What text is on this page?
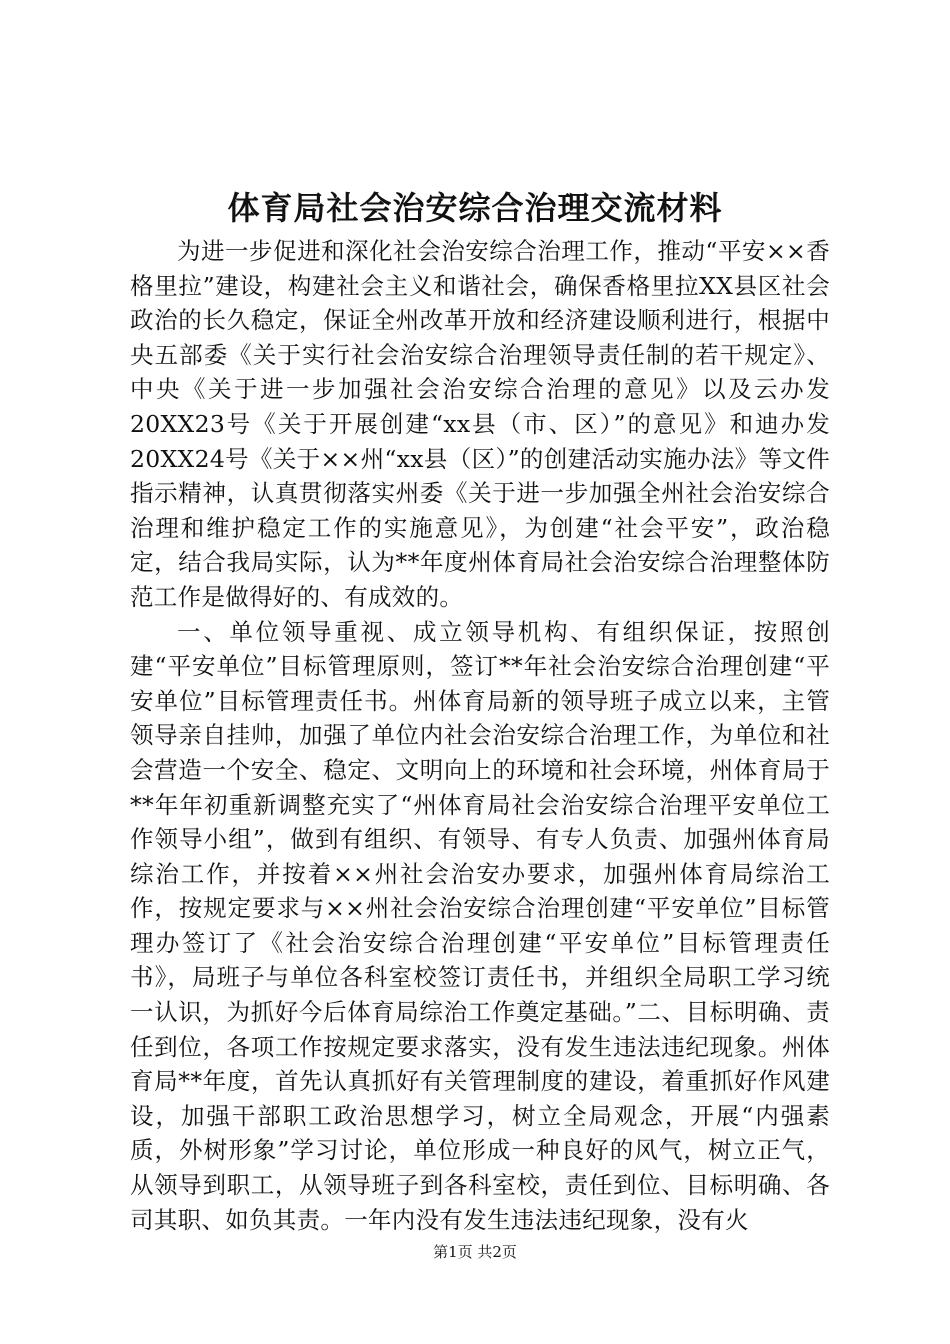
体育局社会治安综合治理交流材料

为进一步促进和深化社会治安综合治理工作，推动“平安××香格里拉”建设，构建社会主义和谐社会，确保香格里拉XX县区社会政治的长久稳定，保证全州改革开放和经济建设顺利进行，根据中央五部委《关于实行社会治安综合治理领导责任制的若干规定》、中央《关于进一步加强社会治安综合治理的意见》以及云办发20XX23号《关于开展创建“xx县（市、区）”的意见》和迪办发20XX24号《关于××州“xx县（区）”的创建活动实施办法》等文件指示精神，认真贯彻落实州委《关于进一步加强全州社会治安综合治理和维护稳定工作的实施意见》，为创建“社会平安”，政治稳定，结合我局实际，认为**年度州体育局社会治安综合治理整体防范工作是做得好的、有成效的。

一、单位领导重视、成立领导机构、有组织保证，按照创建“平安单位”目标管理原则，签订**年社会治安综合治理创建“平安单位”目标管理责任书。州体育局新的领导班子成立以来，主管领导亲自挂帅，加强了单位内社会治安综合治理工作，为单位和社会营造一个安全、稳定、文明向上的环境和社会环境，州体育局于**年年初重新调整充实了“州体育局社会治安综合治理平安单位工作领导小组”，做到有组织、有领导、有专人负责、加强州体育局综治工作，并按着××州社会治安办要求，加强州体育局综治工作，按规定要求与××州社会治安综合治理创建“平安单位”目标管理办签订了《社会治安综合治理创建“平安单位”目标管理责任书》，局班子与单位各科室校签订责任书，并组织全局职工学习统一认识，为抓好今后体育局综治工作奠定基础。”二、目标明确、责任到位，各项工作按规定要求落实，没有发生违法违纪现象。州体育局**年度，首先认真抓好有关管理制度的建设，着重抓好作风建设，加强干部职工政治思想学习，树立全局观念，开展“内强素质，外树形象”学习讨论，单位形成一种良好的风气，树立正气，从领导到职工，从领导班子到各科室校，责任到位、目标明确、各司其职、如负其责。一年内没有发生违法违纪现象，没有火

第1页 共2页
